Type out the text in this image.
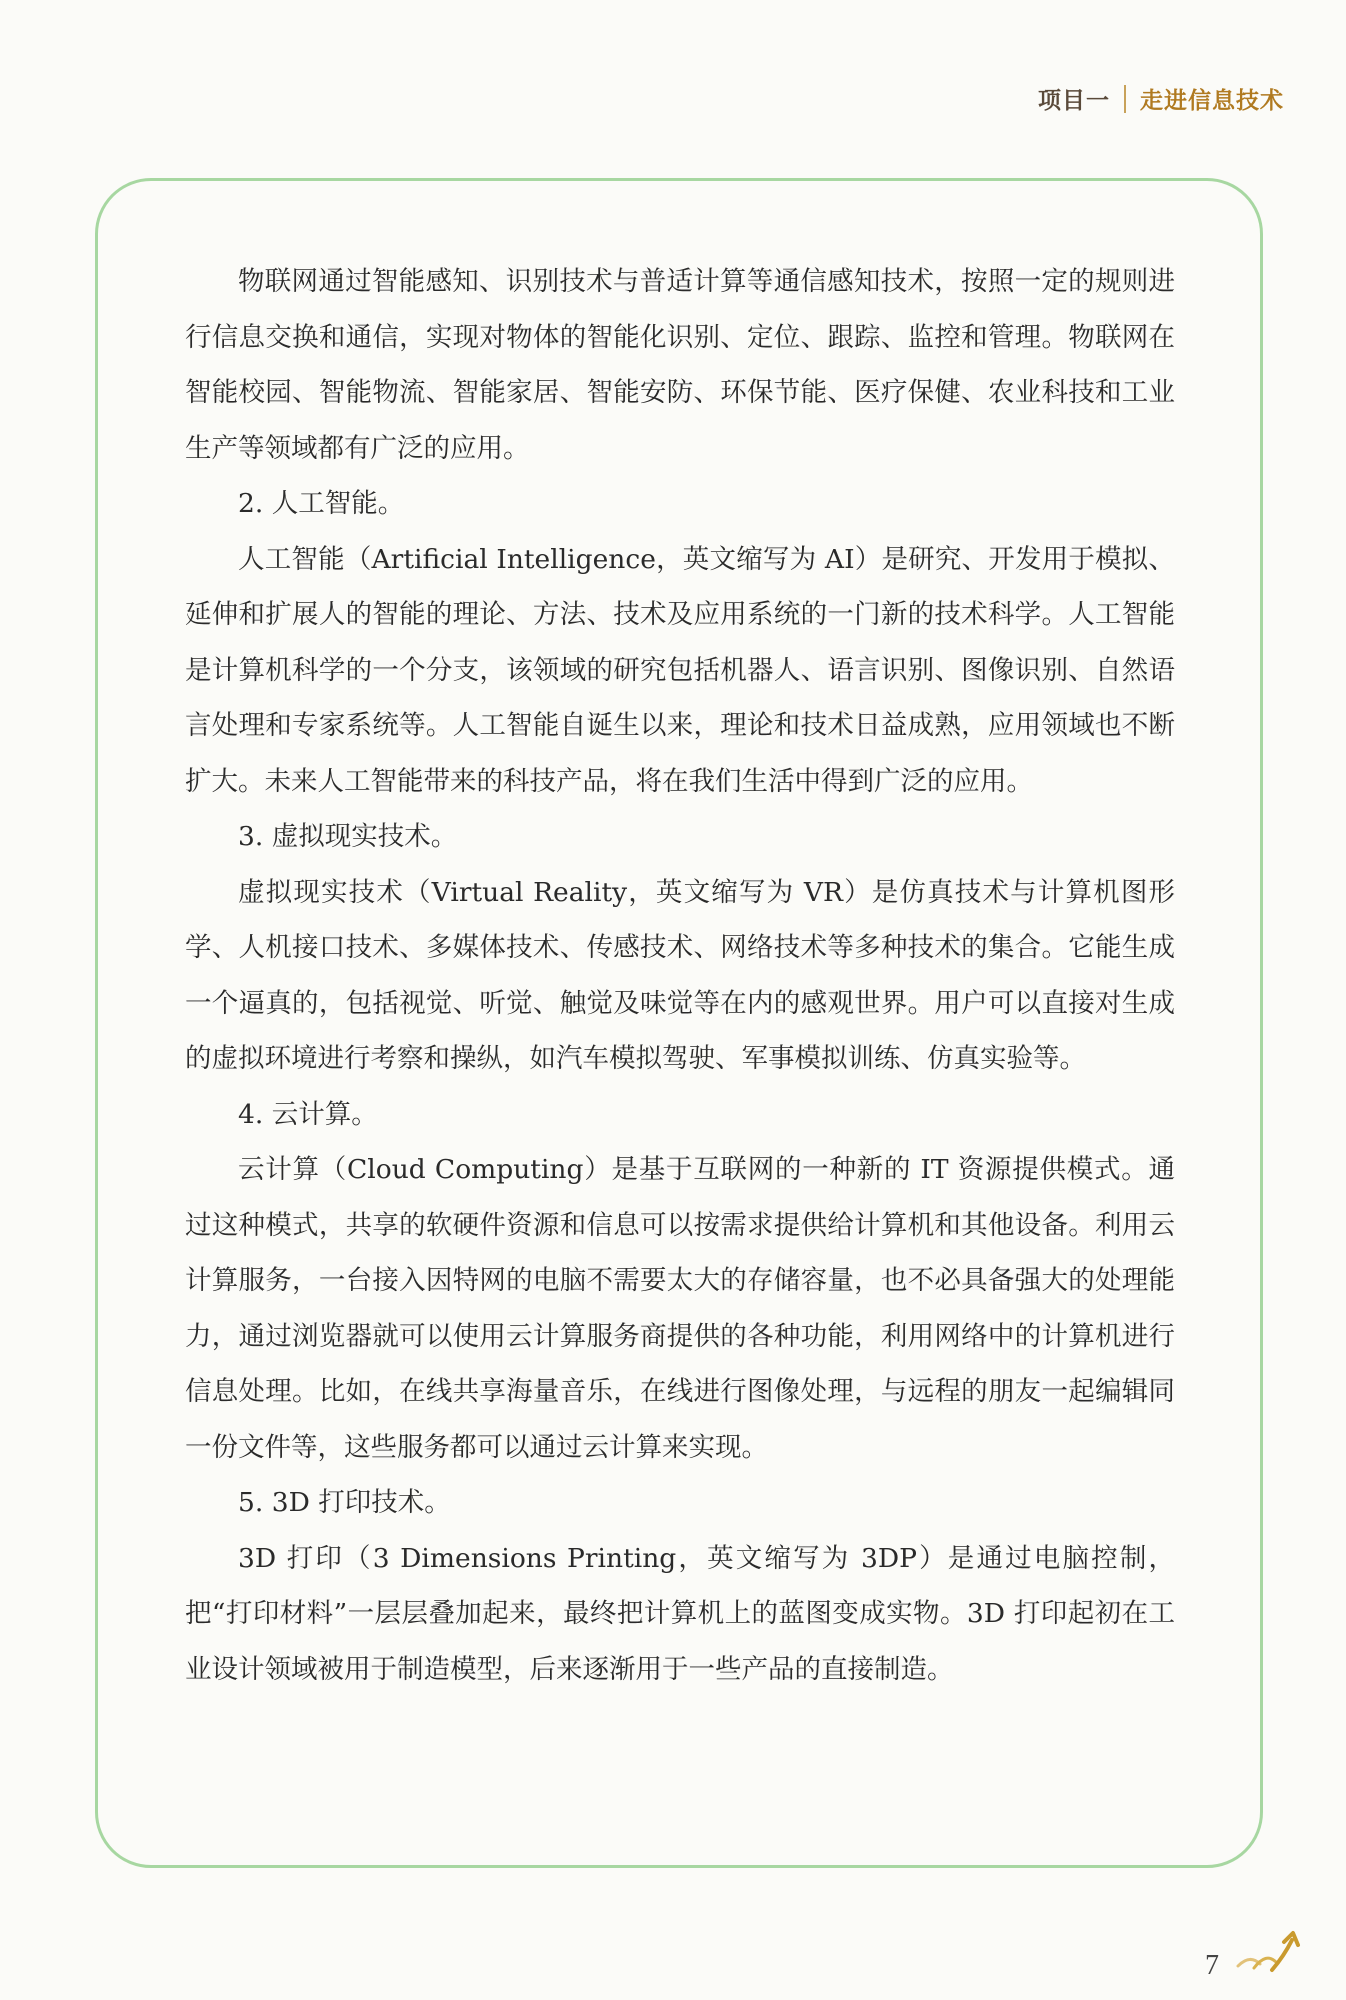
项目一 走进信息技术

物联网通过智能感知、识别技术与普适计算等通信感知技术，按照一定的规则进行信息交换和通信，实现对物体的智能化识别、定位、跟踪、监控和管理。物联网在智能校园、智能物流、智能家居、智能安防、环保节能、医疗保健、农业科技和工业生产等领域都有广泛的应用。

2. 人工智能。

人工智能（Artificial Intelligence，英文缩写为 AI）是研究、开发用于模拟、延伸和扩展人的智能的理论、方法、技术及应用系统的一门新的技术科学。人工智能是计算机科学的一个分支，该领域的研究包括机器人、语言识别、图像识别、自然语言处理和专家系统等。人工智能自诞生以来，理论和技术日益成熟，应用领域也不断扩大。未来人工智能带来的科技产品，将在我们生活中得到广泛的应用。

3. 虚拟现实技术。

虚拟现实技术（Virtual Reality，英文缩写为 VR）是仿真技术与计算机图形学、人机接口技术、多媒体技术、传感技术、网络技术等多种技术的集合。它能生成一个逼真的，包括视觉、听觉、触觉及味觉等在内的感观世界。用户可以直接对生成的虚拟环境进行考察和操纵，如汽车模拟驾驶、军事模拟训练、仿真实验等。

4. 云计算。

云计算（Cloud Computing）是基于互联网的一种新的 IT 资源提供模式。通过这种模式，共享的软硬件资源和信息可以按需求提供给计算机和其他设备。利用云计算服务，一台接入因特网的电脑不需要太大的存储容量，也不必具备强大的处理能力，通过浏览器就可以使用云计算服务商提供的各种功能，利用网络中的计算机进行信息处理。比如，在线共享海量音乐，在线进行图像处理，与远程的朋友一起编辑同一份文件等，这些服务都可以通过云计算来实现。

5. 3D 打印技术。

3D 打印（3 Dimensions Printing，英文缩写为 3DP）是通过电脑控制，把“打印材料”一层层叠加起来，最终把计算机上的蓝图变成实物。3D 打印起初在工业设计领域被用于制造模型，后来逐渐用于一些产品的直接制造。

7
